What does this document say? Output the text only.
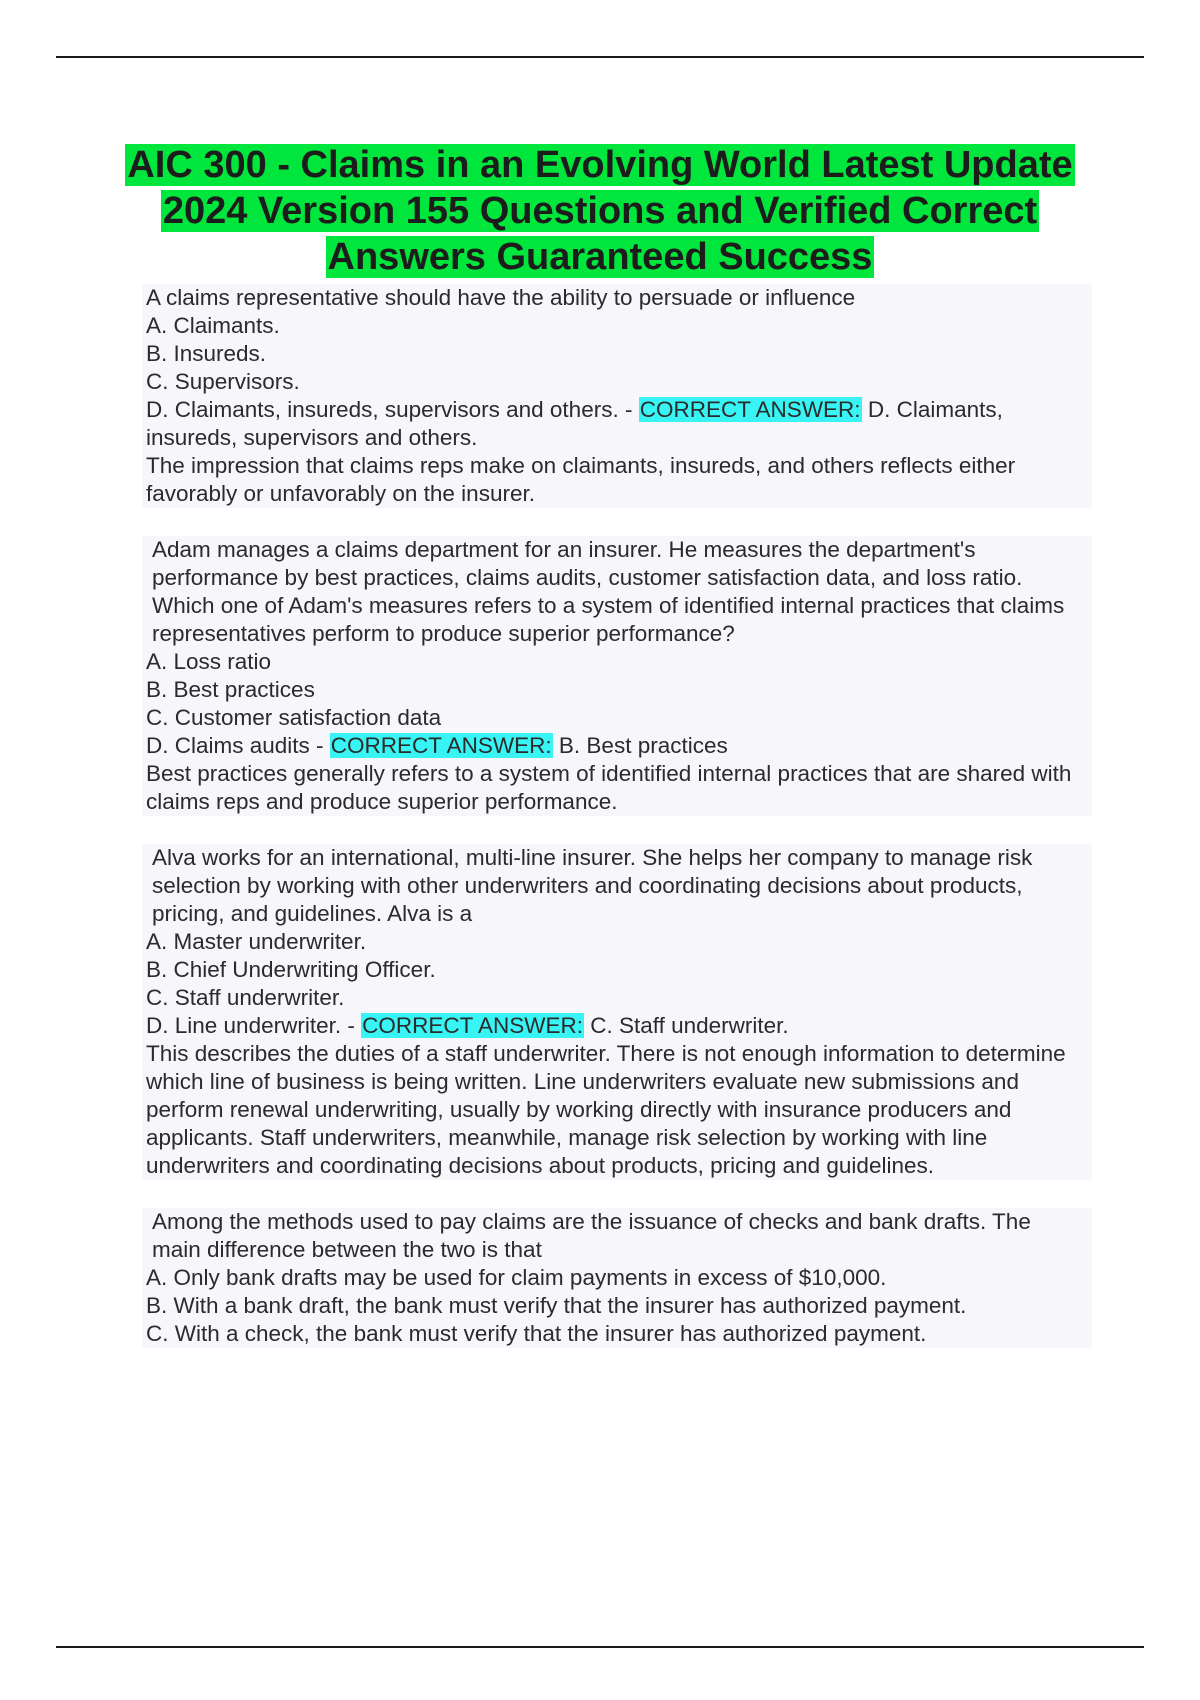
AIC 300 - Claims in an Evolving World Latest Update 2024 Version 155 Questions and Verified Correct Answers Guaranteed Success
A claims representative should have the ability to persuade or influence
A. Claimants.
B. Insureds.
C. Supervisors.
D. Claimants, insureds, supervisors and others. - CORRECT ANSWER: D. Claimants, insureds, supervisors and others.
The impression that claims reps make on claimants, insureds, and others reflects either favorably or unfavorably on the insurer.
Adam manages a claims department for an insurer. He measures the department's performance by best practices, claims audits, customer satisfaction data, and loss ratio. Which one of Adam's measures refers to a system of identified internal practices that claims representatives perform to produce superior performance?
A. Loss ratio
B. Best practices
C. Customer satisfaction data
D. Claims audits - CORRECT ANSWER: B. Best practices
Best practices generally refers to a system of identified internal practices that are shared with claims reps and produce superior performance.
Alva works for an international, multi-line insurer. She helps her company to manage risk selection by working with other underwriters and coordinating decisions about products, pricing, and guidelines. Alva is a
A. Master underwriter.
B. Chief Underwriting Officer.
C. Staff underwriter.
D. Line underwriter. - CORRECT ANSWER: C. Staff underwriter.
This describes the duties of a staff underwriter. There is not enough information to determine which line of business is being written. Line underwriters evaluate new submissions and perform renewal underwriting, usually by working directly with insurance producers and applicants. Staff underwriters, meanwhile, manage risk selection by working with line underwriters and coordinating decisions about products, pricing and guidelines.
Among the methods used to pay claims are the issuance of checks and bank drafts. The main difference between the two is that
A. Only bank drafts may be used for claim payments in excess of $10,000.
B. With a bank draft, the bank must verify that the insurer has authorized payment.
C. With a check, the bank must verify that the insurer has authorized payment.
